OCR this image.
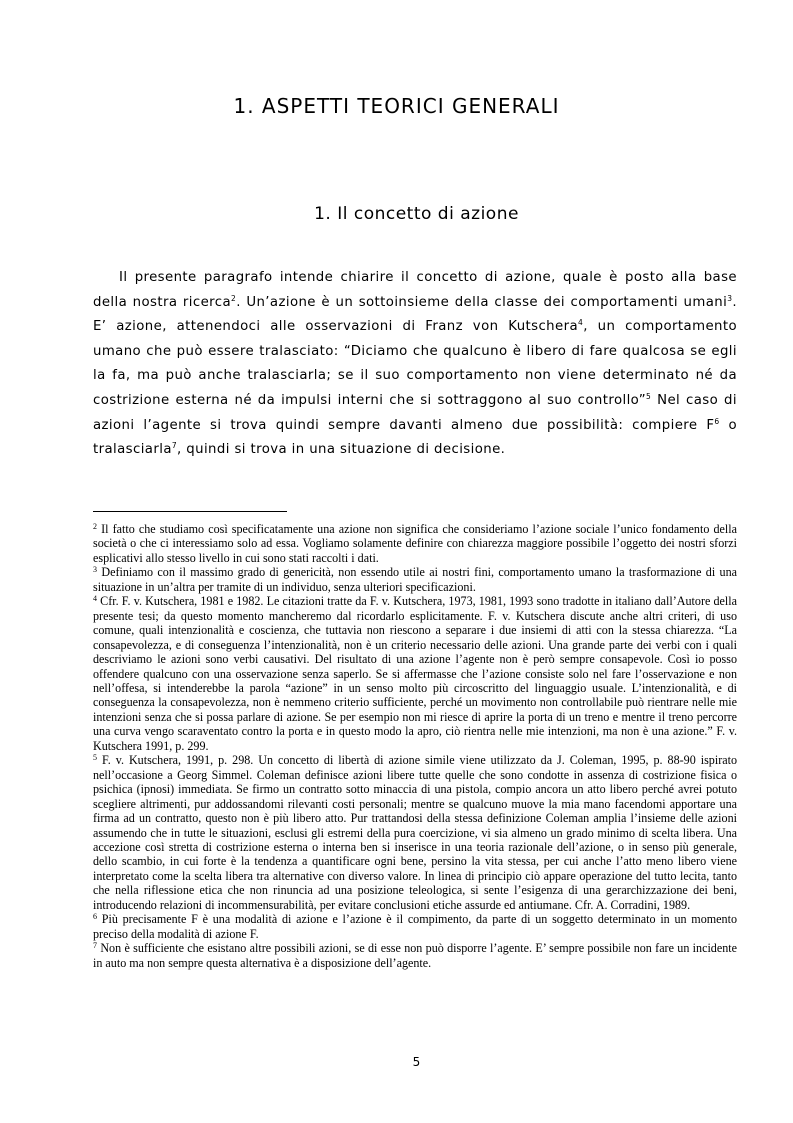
1. ASPETTI TEORICI GENERALI
1. Il concetto di azione

Il presente paragrafo intende chiarire il concetto di azione, quale è posto alla base della nostra ricerca$^2$. Un’azione è un sottoinsieme della classe dei comportamenti umani$^3$. E’ azione, attenendoci alle osservazioni di Franz von Kutschera$^4$, un comportamento umano che può essere tralasciato: “Diciamo che qualcuno è libero di fare qualcosa se egli la fa, ma può anche tralasciarla; se il suo comportamento non viene determinato né da costrizione esterna né da impulsi interni che si sottraggono al suo controllo”$^5$ Nel caso di azioni l’agente si trova quindi sempre davanti almeno due possibilità: compiere $F^6$ o tralasciarla$^7$, quindi si trova in una situazione di decisione.

$^2$ Il fatto che studiamo così specificatamente una azione non significa che consideriamo l’azione sociale l’unico fondamento della società o che ci interessiamo solo ad essa. Vogliamo solamente definire con chiarezza maggiore possibile l’oggetto dei nostri sforzi esplicativi allo stesso livello in cui sono stati raccolti i dati.

$^3$ Definiamo con il massimo grado di genericità, non essendo utile ai nostri fini, comportamento umano la trasformazione di una situazione in un’altra per tramite di un individuo, senza ulteriori specificazioni.

$^4$ Cfr. F. v. Kutschera, 1981 e 1982. Le citazioni tratte da F. v. Kutschera, 1973, 1981, 1993 sono tradotte in italiano dall’Autore della presente tesi; da questo momento mancheremo dal ricordarlo esplicitamente. F. v. Kutschera discute anche altri criteri, di uso comune, quali intenzionalità e coscienza, che tuttavia non riescono a separare i due insiemi di atti con la stessa chiarezza. “La consapevolezza, e di conseguenza l’intenzionalità, non è un criterio necessario delle azioni. Una grande parte dei verbi con i quali descriviamo le azioni sono verbi causativi. Del risultato di una azione l’agente non è però sempre consapevole. Così io posso offendere qualcuno con una osservazione senza saperlo. Se si affermasse che l’azione consiste solo nel fare l’osservazione e non nell’offesa, si intenderebbe la parola “azione” in un senso molto più circoscritto del linguaggio usuale. L’intenzionalità, e di conseguenza la consapevolezza, non è nemmeno criterio sufficiente, perché un movimento non controllabile può rientrare nelle mie intenzioni senza che si possa parlare di azione. Se per esempio non mi riesce di aprire la porta di un treno e mentre il treno percorre una curva vengo scaraventato contro la porta e in questo modo la apro, ciò rientra nelle mie intenzioni, ma non è una azione.” F. v. Kutschera 1991, p. 299.

$^5$ F. v. Kutschera, 1991, p. 298. Un concetto di libertà di azione simile viene utilizzato da J. Coleman, 1995, p. 88-90 ispirato nell’occasione a Georg Simmel. Coleman definisce azioni libere tutte quelle che sono condotte in assenza di costrizione fisica o psichica (ipnosi) immediata. Se firmo un contratto sotto minaccia di una pistola, compio ancora un atto libero perché avrei potuto scegliere altrimenti, pur addossandomi rilevanti costi personali; mentre se qualcuno muove la mia mano facendomi apportare una firma ad un contratto, questo non è più libero atto. Pur trattandosi della stessa definizione Coleman amplia l’insieme delle azioni assumendo che in tutte le situazioni, esclusi gli estremi della pura coercizione, vi sia almeno un grado minimo di scelta libera. Una accezione così stretta di costrizione esterna o interna ben si inserisce in una teoria razionale dell’azione, o in senso più generale, dello scambio, in cui forte è la tendenza a quantificare ogni bene, persino la vita stessa, per cui anche l’atto meno libero viene interpretato come la scelta libera tra alternative con diverso valore. In linea di principio ciò appare operazione del tutto lecita, tanto che nella riflessione etica che non rinuncia ad una posizione teleologica, si sente l’esigenza di una gerarchizzazione dei beni, introducendo relazioni di incommensurabilità, per evitare conclusioni etiche assurde ed antiumane. Cfr. A. Corradini, 1989.

$^6$ Più precisamente F è una modalità di azione e l’azione è il compimento, da parte di un soggetto determinato in un momento preciso della modalità di azione F.

$^7$ Non è sufficiente che esistano altre possibili azioni, se di esse non può disporre l’agente. E’ sempre possibile non fare un incidente in auto ma non sempre questa alternativa è a disposizione dell’agente.

5
